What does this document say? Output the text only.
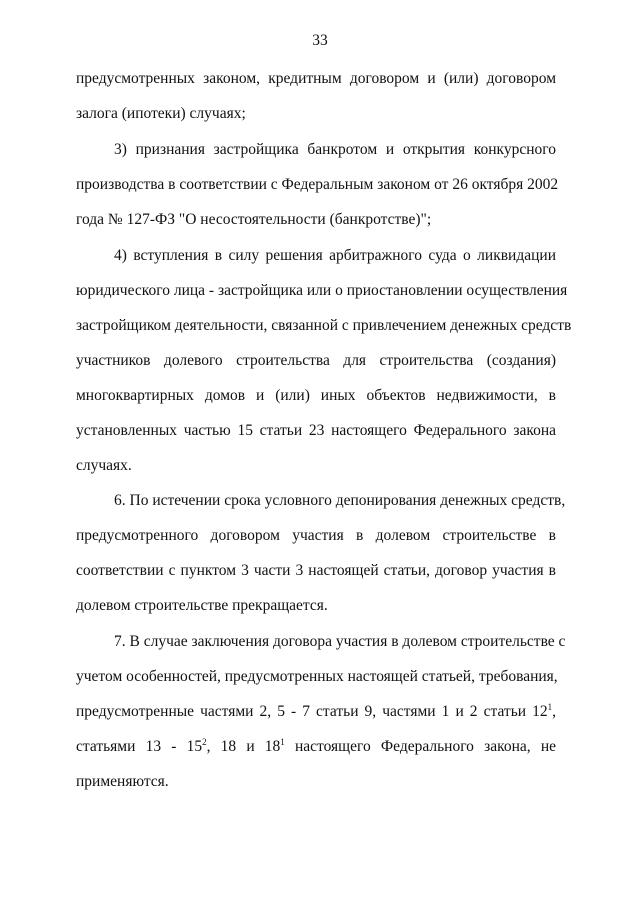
33
предусмотренных законом, кредитным договором и (или) договором
залога (ипотеки) случаях;
3) признания застройщика банкротом и открытия конкурсного
производства в соответствии с Федеральным законом от 26 октября 2002
года № 127-ФЗ "О несостоятельности (банкротстве)";
4) вступления в силу решения арбитражного суда о ликвидации
юридического лица - застройщика или о приостановлении осуществления
застройщиком деятельности, связанной с привлечением денежных средств
участников долевого строительства для строительства (создания)
многоквартирных домов и (или) иных объектов недвижимости, в
установленных частью 15 статьи 23 настоящего Федерального закона
случаях.
6. По истечении срока условного депонирования денежных средств,
предусмотренного договором участия в долевом строительстве в
соответствии с пунктом 3 части 3 настоящей статьи, договор участия в
долевом строительстве прекращается.
7. В случае заключения договора участия в долевом строительстве с
учетом особенностей, предусмотренных настоящей статьей, требования,
предусмотренные частями 2, 5 - 7 статьи 9, частями 1 и 2 статьи $12^1$,
статьями $13 - 15^2$, 18 и $18^1$ настоящего Федерального закона, не
применяются.
